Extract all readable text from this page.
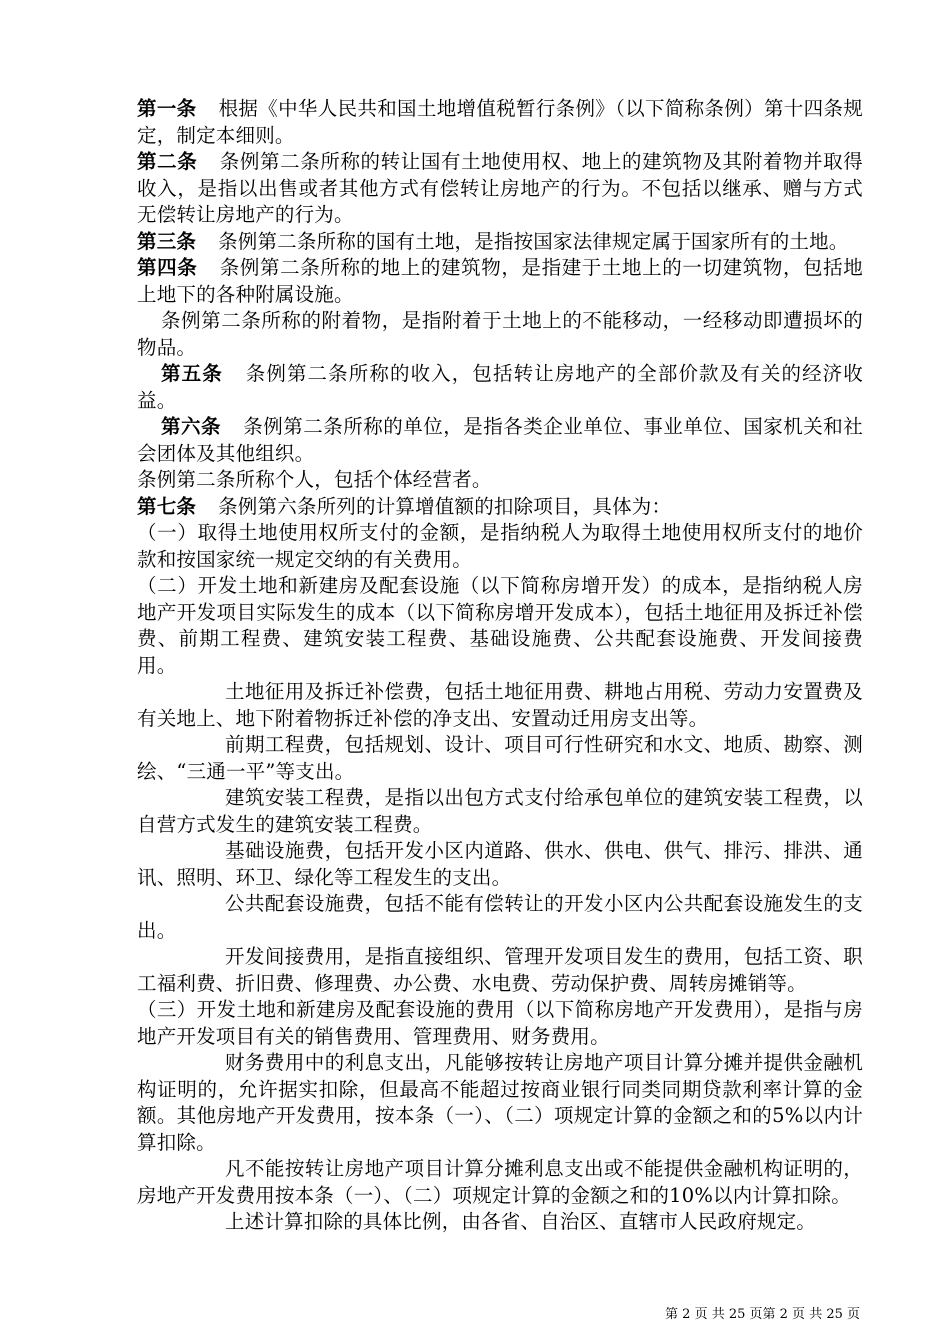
第一条 根据《中华人民共和国土地增值税暂行条例》（以下简称条例）第十四条规定，制定本细则。

第二条 条例第二条所称的转让国有土地使用权、地上的建筑物及其附着物并取得收入，是指以出售或者其他方式有偿转让房地产的行为。不包括以继承、赠与方式无偿转让房地产的行为。

第三条 条例第二条所称的国有土地，是指按国家法律规定属于国家所有的土地。

第四条 条例第二条所称的地上的建筑物，是指建于土地上的一切建筑物，包括地上地下的各种附属设施。

条例第二条所称的附着物，是指附着于土地上的不能移动，一经移动即遭损坏的物品。

第五条 条例第二条所称的收入，包括转让房地产的全部价款及有关的经济收益。

第六条 条例第二条所称的单位，是指各类企业单位、事业单位、国家机关和社会团体及其他组织。

条例第二条所称个人，包括个体经营者。

第七条 条例第六条所列的计算增值额的扣除项目，具体为：

（一）取得土地使用权所支付的金额，是指纳税人为取得土地使用权所支付的地价款和按国家统一规定交纳的有关费用。

（二）开发土地和新建房及配套设施（以下简称房增开发）的成本，是指纳税人房地产开发项目实际发生的成本（以下简称房增开发成本），包括土地征用及拆迁补偿费、前期工程费、建筑安装工程费、基础设施费、公共配套设施费、开发间接费用。

土地征用及拆迁补偿费，包括土地征用费、耕地占用税、劳动力安置费及有关地上、地下附着物拆迁补偿的净支出、安置动迁用房支出等。

前期工程费，包括规划、设计、项目可行性研究和水文、地质、勘察、测绘、“三通一平”等支出。

建筑安装工程费，是指以出包方式支付给承包单位的建筑安装工程费，以自营方式发生的建筑安装工程费。

基础设施费，包括开发小区内道路、供水、供电、供气、排污、排洪、通讯、照明、环卫、绿化等工程发生的支出。

公共配套设施费，包括不能有偿转让的开发小区内公共配套设施发生的支出。

开发间接费用，是指直接组织、管理开发项目发生的费用，包括工资、职工福利费、折旧费、修理费、办公费、水电费、劳动保护费、周转房摊销等。

（三）开发土地和新建房及配套设施的费用（以下简称房地产开发费用），是指与房地产开发项目有关的销售费用、管理费用、财务费用。

财务费用中的利息支出，凡能够按转让房地产项目计算分摊并提供金融机构证明的，允许据实扣除，但最高不能超过按商业银行同类同期贷款利率计算的金额。其他房地产开发费用，按本条（一）、（二）项规定计算的金额之和的5%以内计算扣除。

凡不能按转让房地产项目计算分摊利息支出或不能提供金融机构证明的，房地产开发费用按本条（一）、（二）项规定计算的金额之和的10%以内计算扣除。

上述计算扣除的具体比例，由各省、自治区、直辖市人民政府规定。

第 2 页 共 25 页第 2 页 共 25 页
